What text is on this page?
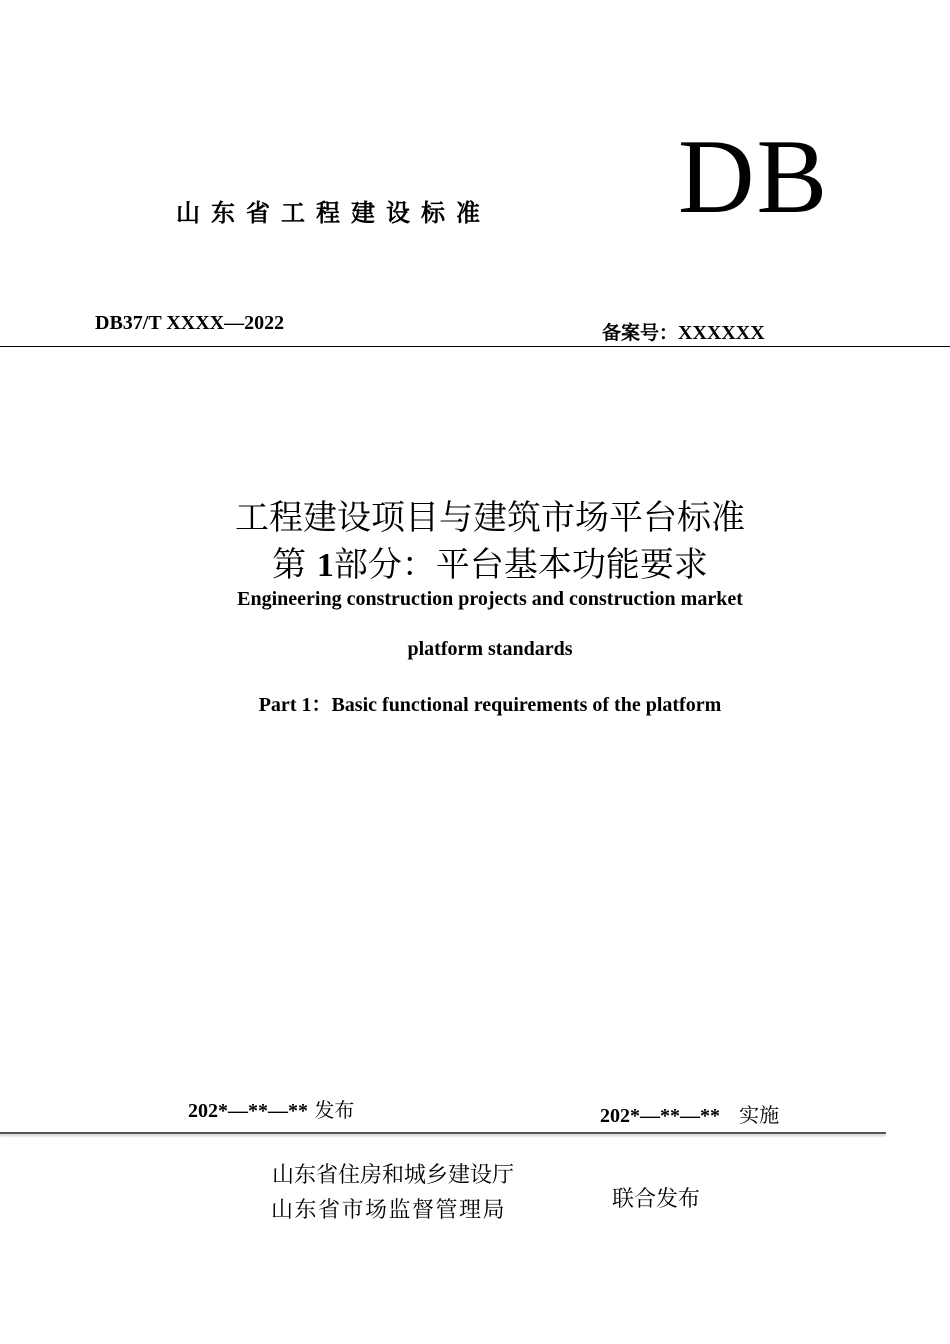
山东省工程建设标准 DB
DB37/T XXXX—2022	备案号：XXXXXX
工程建设项目与建筑市场平台标准
第 1部分：平台基本功能要求
Engineering construction projects and construction market
platform standards
Part 1：Basic functional requirements of the platform
202*—**—** 发布	202*—**—** 实施
山东省住房和城乡建设厅
山东省市场监督管理局	联合发布
